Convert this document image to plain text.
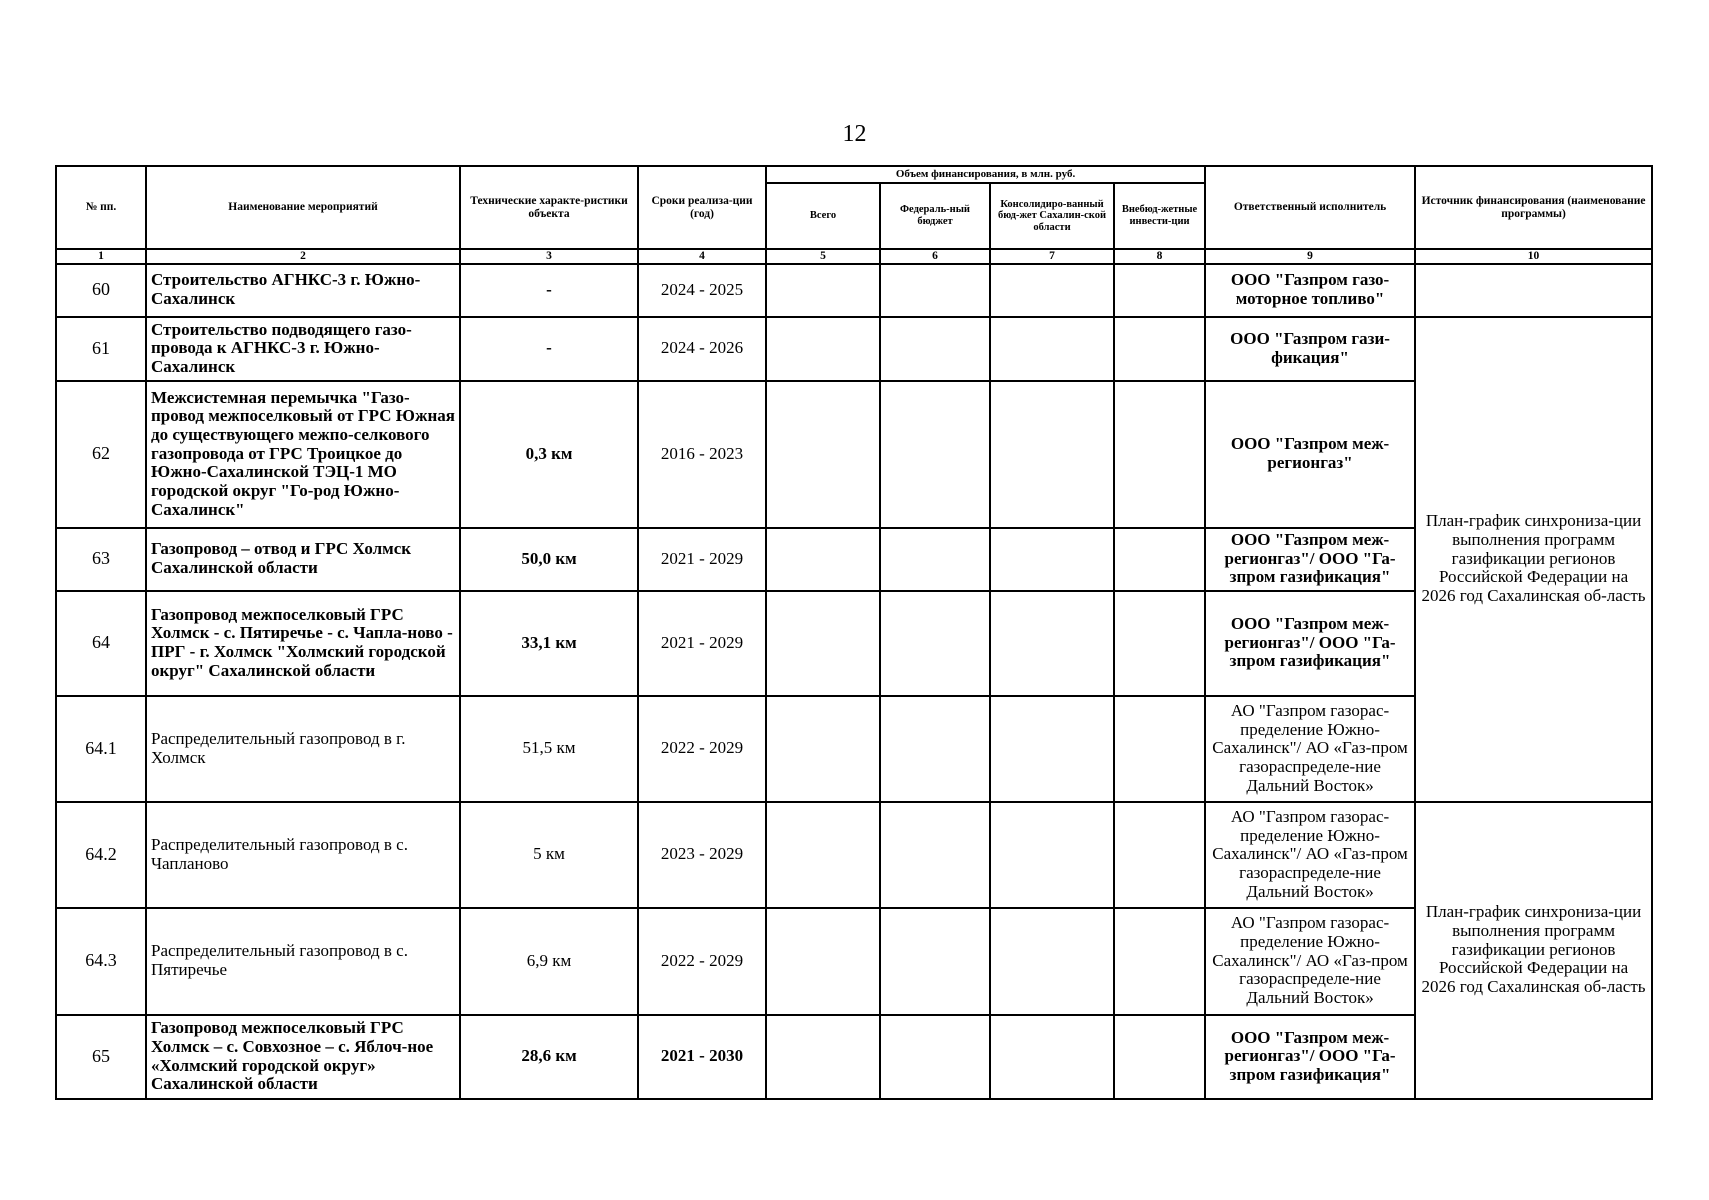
12
№ пп.	Наименование мероприятий	Технические характе-ристики объекта	Сроки реализа-ции (год)	Объем финансирования, в млн. руб.				Ответственный исполнитель	Источник финансирования (наименование программы)	
				Всего	Федераль-ный бюджет	Консолидиро-ванный бюд-жет Сахалин-ской области	Внебюд-жетные инвести-ции			
1	2	3	4	5	6	7	8	9	10	
60	Строительство АГНКС-3 г. Южно-Сахалинск	-	2024 - 2025					ООО "Газпром газо-моторное топливо"		
61	Строительство подводящего газо-провода к АГНКС-3 г. Южно-Сахалинск	-	2024 - 2026					ООО "Газпром гази-фикация"	План-график синхрониза-ции выполнения программ газификации регионов Российской Федерации на 2026 год Сахалинская об-ласть	
62	Межсистемная перемычка "Газо-провод межпоселковый от ГРС Южная до существующего межпо-селкового газопровода от ГРС Троицкое до Южно-Сахалинской ТЭЦ-1 МО городской округ "Го-род Южно-Сахалинск"	0,3 км	2016 - 2023					ООО "Газпром меж-регионгаз"		
63	Газопровод – отвод и ГРС Холмск Сахалинской области	50,0 км	2021 - 2029					ООО "Газпром меж-регионгаз"/ ООО "Га-зпром газификация"		
64	Газопровод межпоселковый ГРС Холмск - с. Пятиречье - с. Чапла-ново - ПРГ - г. Холмск "Холмский городской округ" Сахалинской области	33,1 км	2021 - 2029					ООО "Газпром меж-регионгаз"/ ООО "Га-зпром газификация"		
64.1	Распределительный газопровод в г. Холмск	51,5 км	2022 - 2029					АО "Газпром газорас-пределение Южно-Сахалинск"/ АО «Газ-пром газораспределе-ние Дальний Восток»		
64.2	Распределительный газопровод в с. Чапланово	5 км	2023 - 2029					АО "Газпром газорас-пределение Южно-Сахалинск"/ АО «Газ-пром газораспределе-ние Дальний Восток»	План-график синхрониза-ции выполнения программ газификации регионов Российской Федерации на 2026 год Сахалинская об-ласть	
64.3	Распределительный газопровод в с. Пятиречье	6,9 км	2022 - 2029					АО "Газпром газорас-пределение Южно-Сахалинск"/ АО «Газ-пром газораспределе-ние Дальний Восток»		
65	Газопровод межпоселковый ГРС Холмск – с. Совхозное – с. Яблоч-ное «Холмский городской округ» Сахалинской области	28,6 км	2021 - 2030					ООО "Газпром меж-регионгаз"/ ООО "Га-зпром газификация"		
